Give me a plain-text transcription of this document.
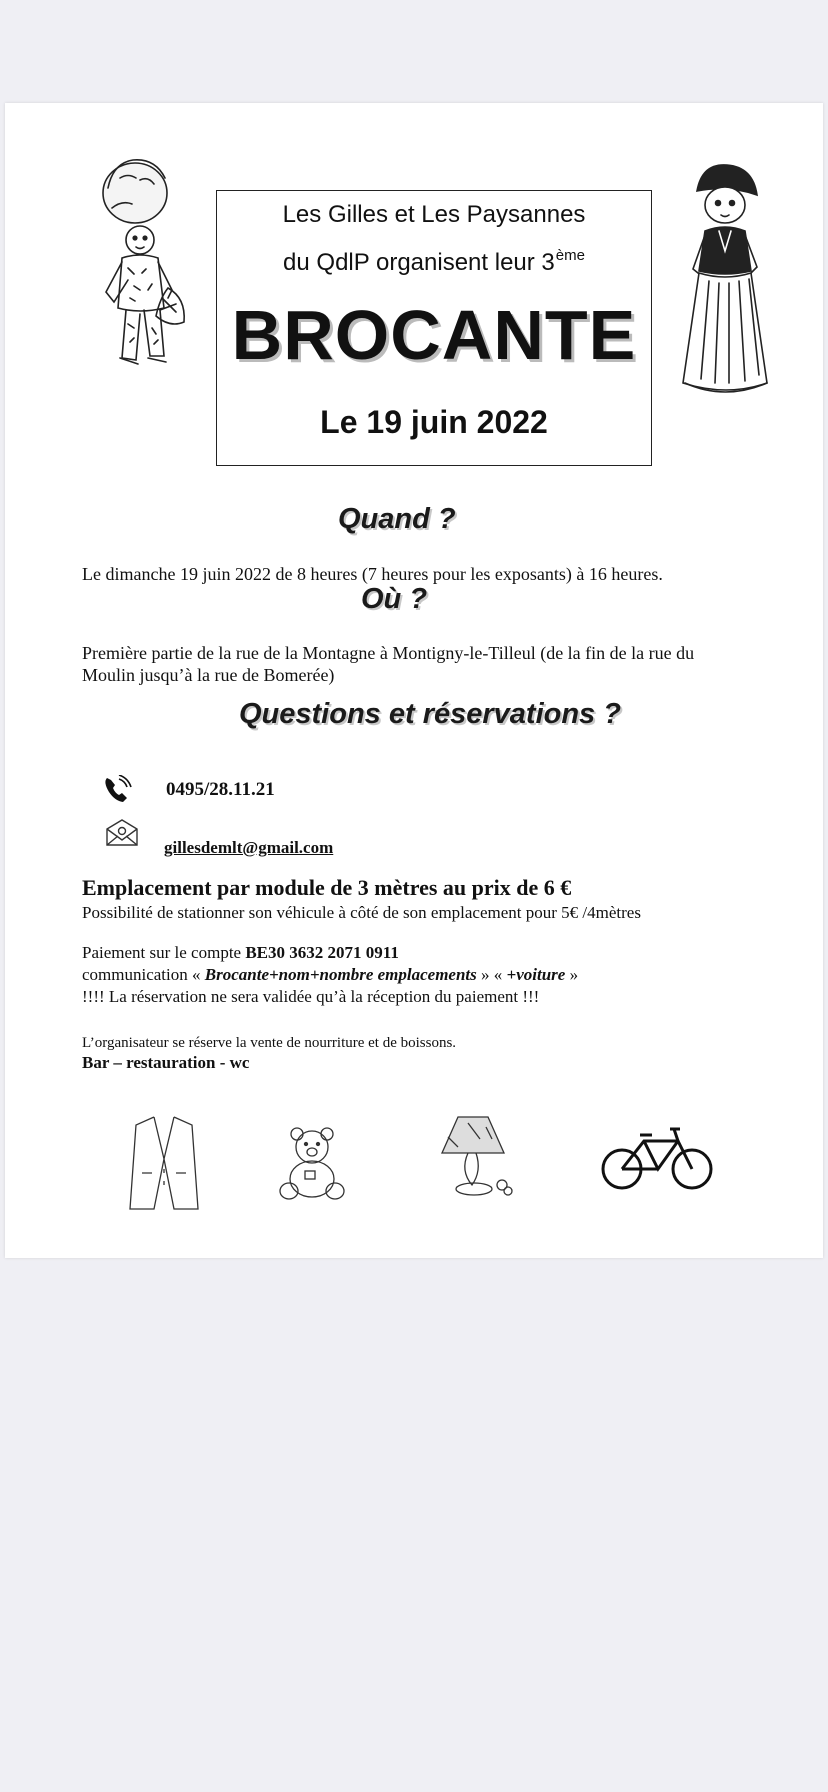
Les Gilles et Les Paysannes
du QdlP organisent leur 3ème
BROCANTE
Le 19 juin 2022
Quand ?
Le dimanche 19 juin 2022 de 8 heures (7 heures pour les exposants) à 16 heures.
Où ?
Première partie de la rue de la Montagne à Montigny-le-Tilleul (de la fin de la rue du
Moulin jusqu’à la rue de Bomerée)
Questions et réservations ?
0495/28.11.21
gillesdemlt@gmail.com
Emplacement par module de 3 mètres au prix de 6 €
Possibilité de stationner son véhicule à côté de son emplacement pour 5€ /4mètres
Paiement sur le compte BE30 3632 2071 0911
communication « Brocante+nom+nombre emplacements » « +voiture »
!!!! La réservation ne sera validée qu’à la réception du paiement !!!
L’organisateur se réserve la vente de nourriture et de boissons.
Bar – restauration - wc
